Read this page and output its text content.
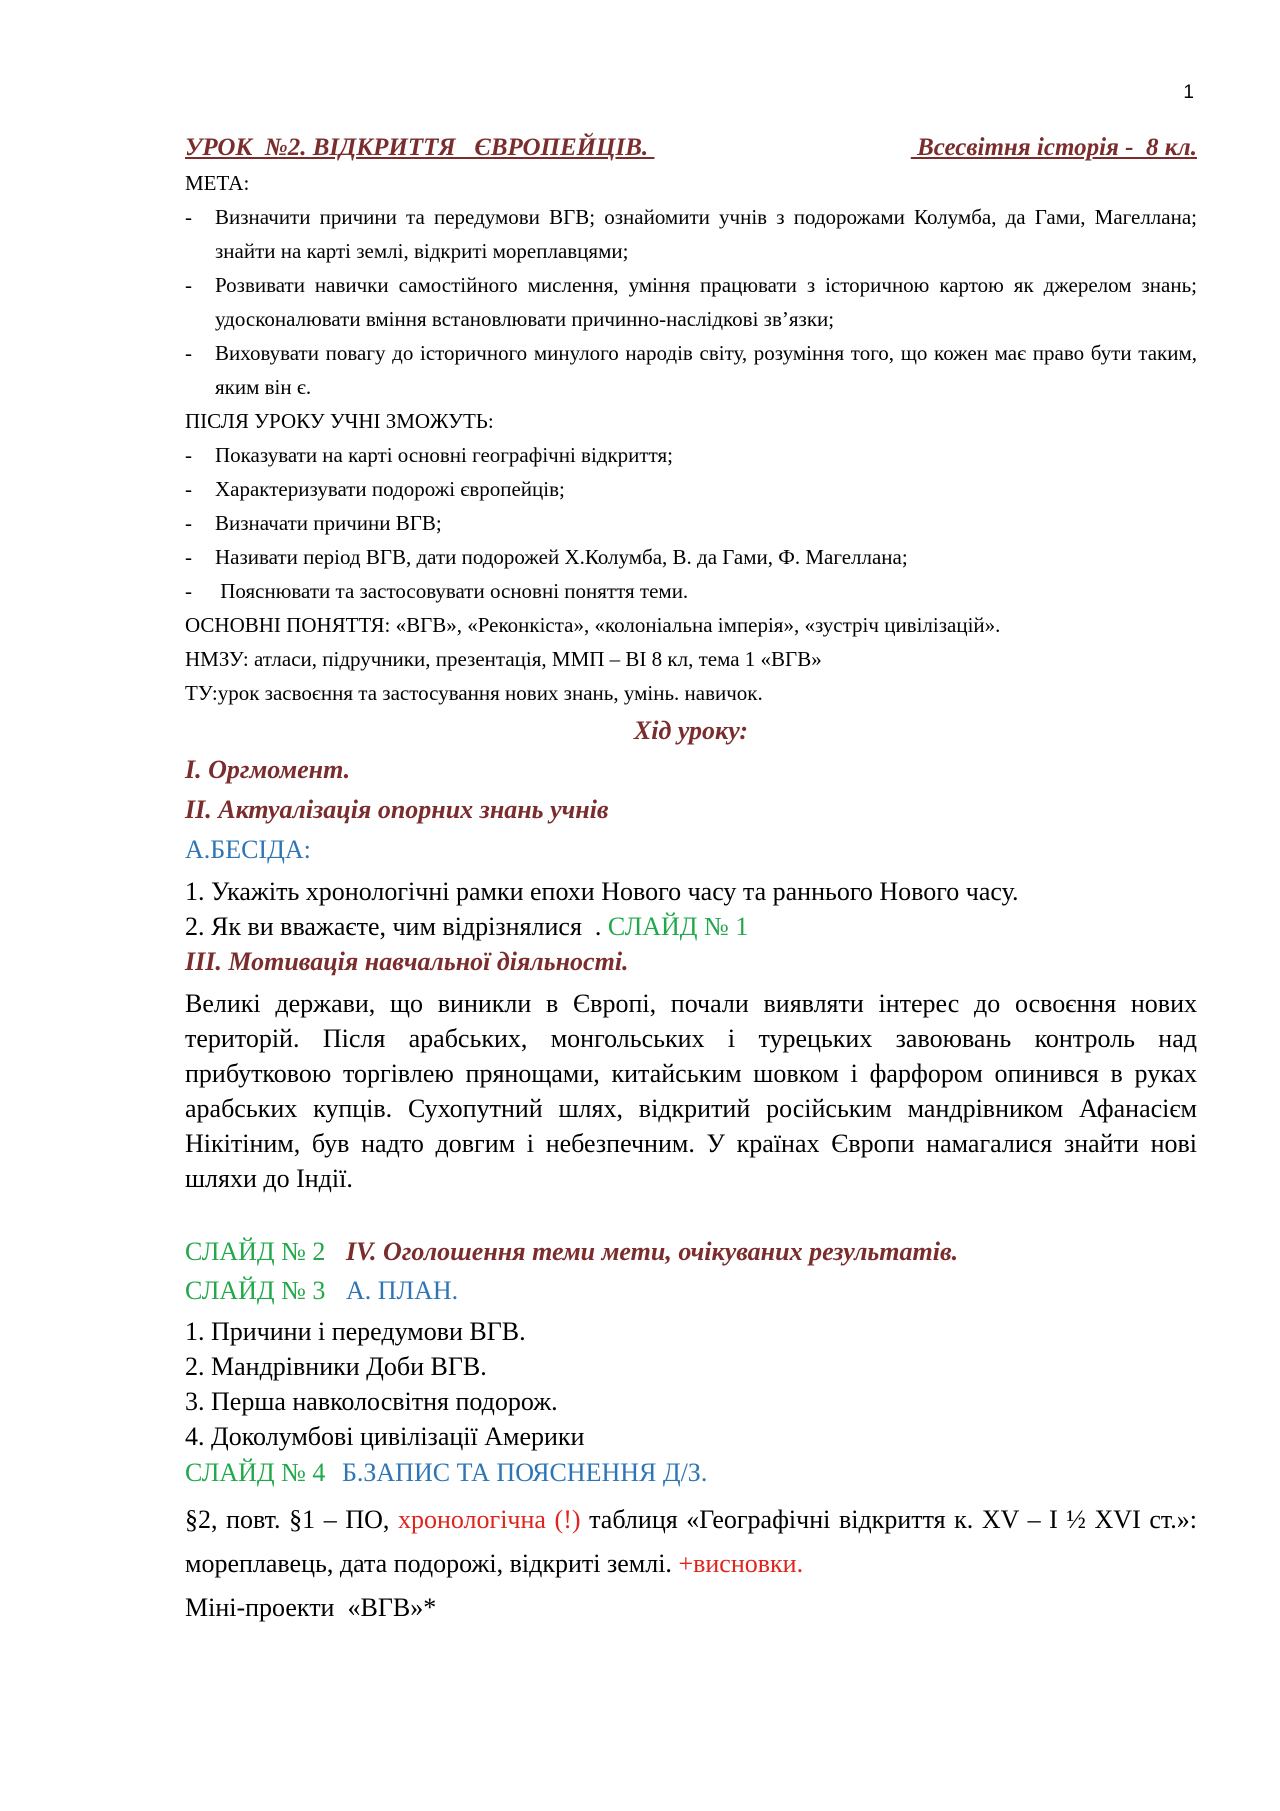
1
УРОК  №2. ВІДКРИТТЯ   ЄВРОПЕЙЦІВ.	Всесвітня історія -  8 кл.
МЕТА:
-	Визначити причини та передумови ВГВ; ознайомити учнів з подорожами Колумба, да Гами, Магеллана; знайти на карті землі, відкриті мореплавцями;
-	Розвивати навички самостійного мислення, уміння працювати з історичною картою як джерелом знань; удосконалювати вміння встановлювати причинно-наслідкові зв’язки;
-	Виховувати повагу до історичного минулого народів світу, розуміння того, що кожен має право бути таким, яким він є.
ПІСЛЯ УРОКУ УЧНІ ЗМОЖУТЬ:
-	Показувати на карті основні географічні відкриття;
-	Характеризувати подорожі європейців;
-	Визначати причини ВГВ;
-	Називати період ВГВ, дати подорожей Х.Колумба, В. да Гами, Ф. Магеллана;
-	Пояснювати та застосовувати основні поняття теми.
ОСНОВНІ ПОНЯТТЯ: «ВГВ», «Реконкіста», «колоніальна імперія», «зустріч цивілізацій».
НМЗУ: атласи, підручники, презентація, ММП – ВІ 8 кл, тема 1 «ВГВ»
ТУ:урок засвоєння та застосування нових знань, умінь. навичок.
Хід уроку:
І. Оргмомент.
ІІ. Актуалізація опорних знань учнів
А.БЕСІДА:
1. Укажіть хронологічні рамки епохи Нового часу та раннього Нового часу.
2. Як ви вважаєте, чим відрізнялися  . СЛАЙД № 1
ІІІ. Мотивація навчальної діяльності.
Великі держави, що виникли в Європі, почали виявляти інтерес до освоєння нових територій. Після арабських, монгольських і турецьких завоювань контроль над прибутковою торгівлею прянощами, китайським шовком і фарфором опинився в руках арабських купців. Сухопутний шлях, відкритий російським мандрівником Афанасієм Нікітіним, був надто довгим і небезпечним. У країнах Європи намагалися знайти нові шляхи до Індії.
СЛАЙД № 2 IV. Оголошення теми мети, очікуваних результатів.
СЛАЙД № 3 А. ПЛАН.
1. Причини і передумови ВГВ.
2. Мандрівники Доби ВГВ.
3. Перша навколосвітня подорож.
4. Доколумбові цивілізації Америки
СЛАЙД № 4 Б.ЗАПИС ТА ПОЯСНЕННЯ Д/З.
§2, повт. §1 – ПО, хронологічна (!) таблиця «Географічні відкриття к. XV – I ½ XVI ст.»: мореплавець, дата подорожі, відкриті землі. +висновки.
Міні-проекти  «ВГВ»*
